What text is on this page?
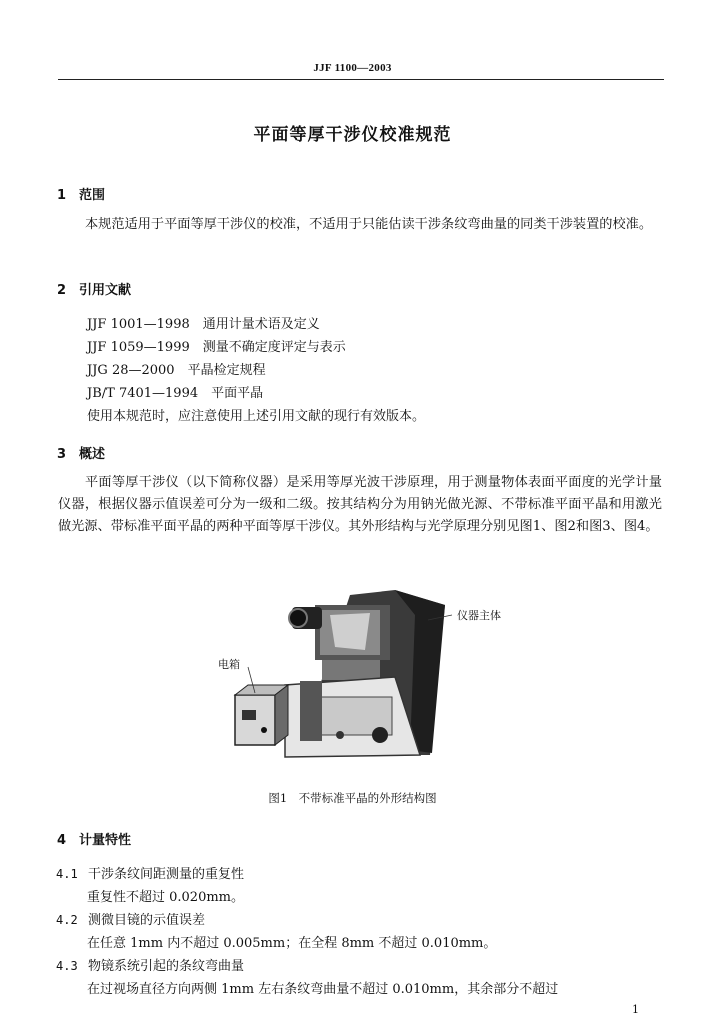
JJF 1100—2003
平面等厚干涉仪校准规范
1 范围
本规范适用于平面等厚干涉仪的校准，不适用于只能估读干涉条纹弯曲量的同类干涉装置的校准。
2 引用文献
JJF 1001—1998　通用计量术语及定义
JJF 1059—1999　测量不确定度评定与表示
JJG 28—2000　平晶检定规程
JB/T 7401—1994　平面平晶
使用本规范时，应注意使用上述引用文献的现行有效版本。
3 概述
平面等厚干涉仪（以下简称仪器）是采用等厚光波干涉原理，用于测量物体表面平面度的光学计量仪器，根据仪器示值误差可分为一级和二级。按其结构分为用钠光做光源、不带标准平面平晶和用激光做光源、带标准平面平晶的两种平面等厚干涉仪。其外形结构与光学原理分别见图1、图2和图3、图4。
仪器主体
电箱
图1　不带标准平晶的外形结构图
4 计量特性
4.1 干涉条纹间距测量的重复性
重复性不超过 0.020mm。
4.2 测微目镜的示值误差
在任意 1mm 内不超过 0.005mm；在全程 8mm 不超过 0.010mm。
4.3 物镜系统引起的条纹弯曲量
在过视场直径方向两侧 1mm 左右条纹弯曲量不超过 0.010mm，其余部分不超过
1
